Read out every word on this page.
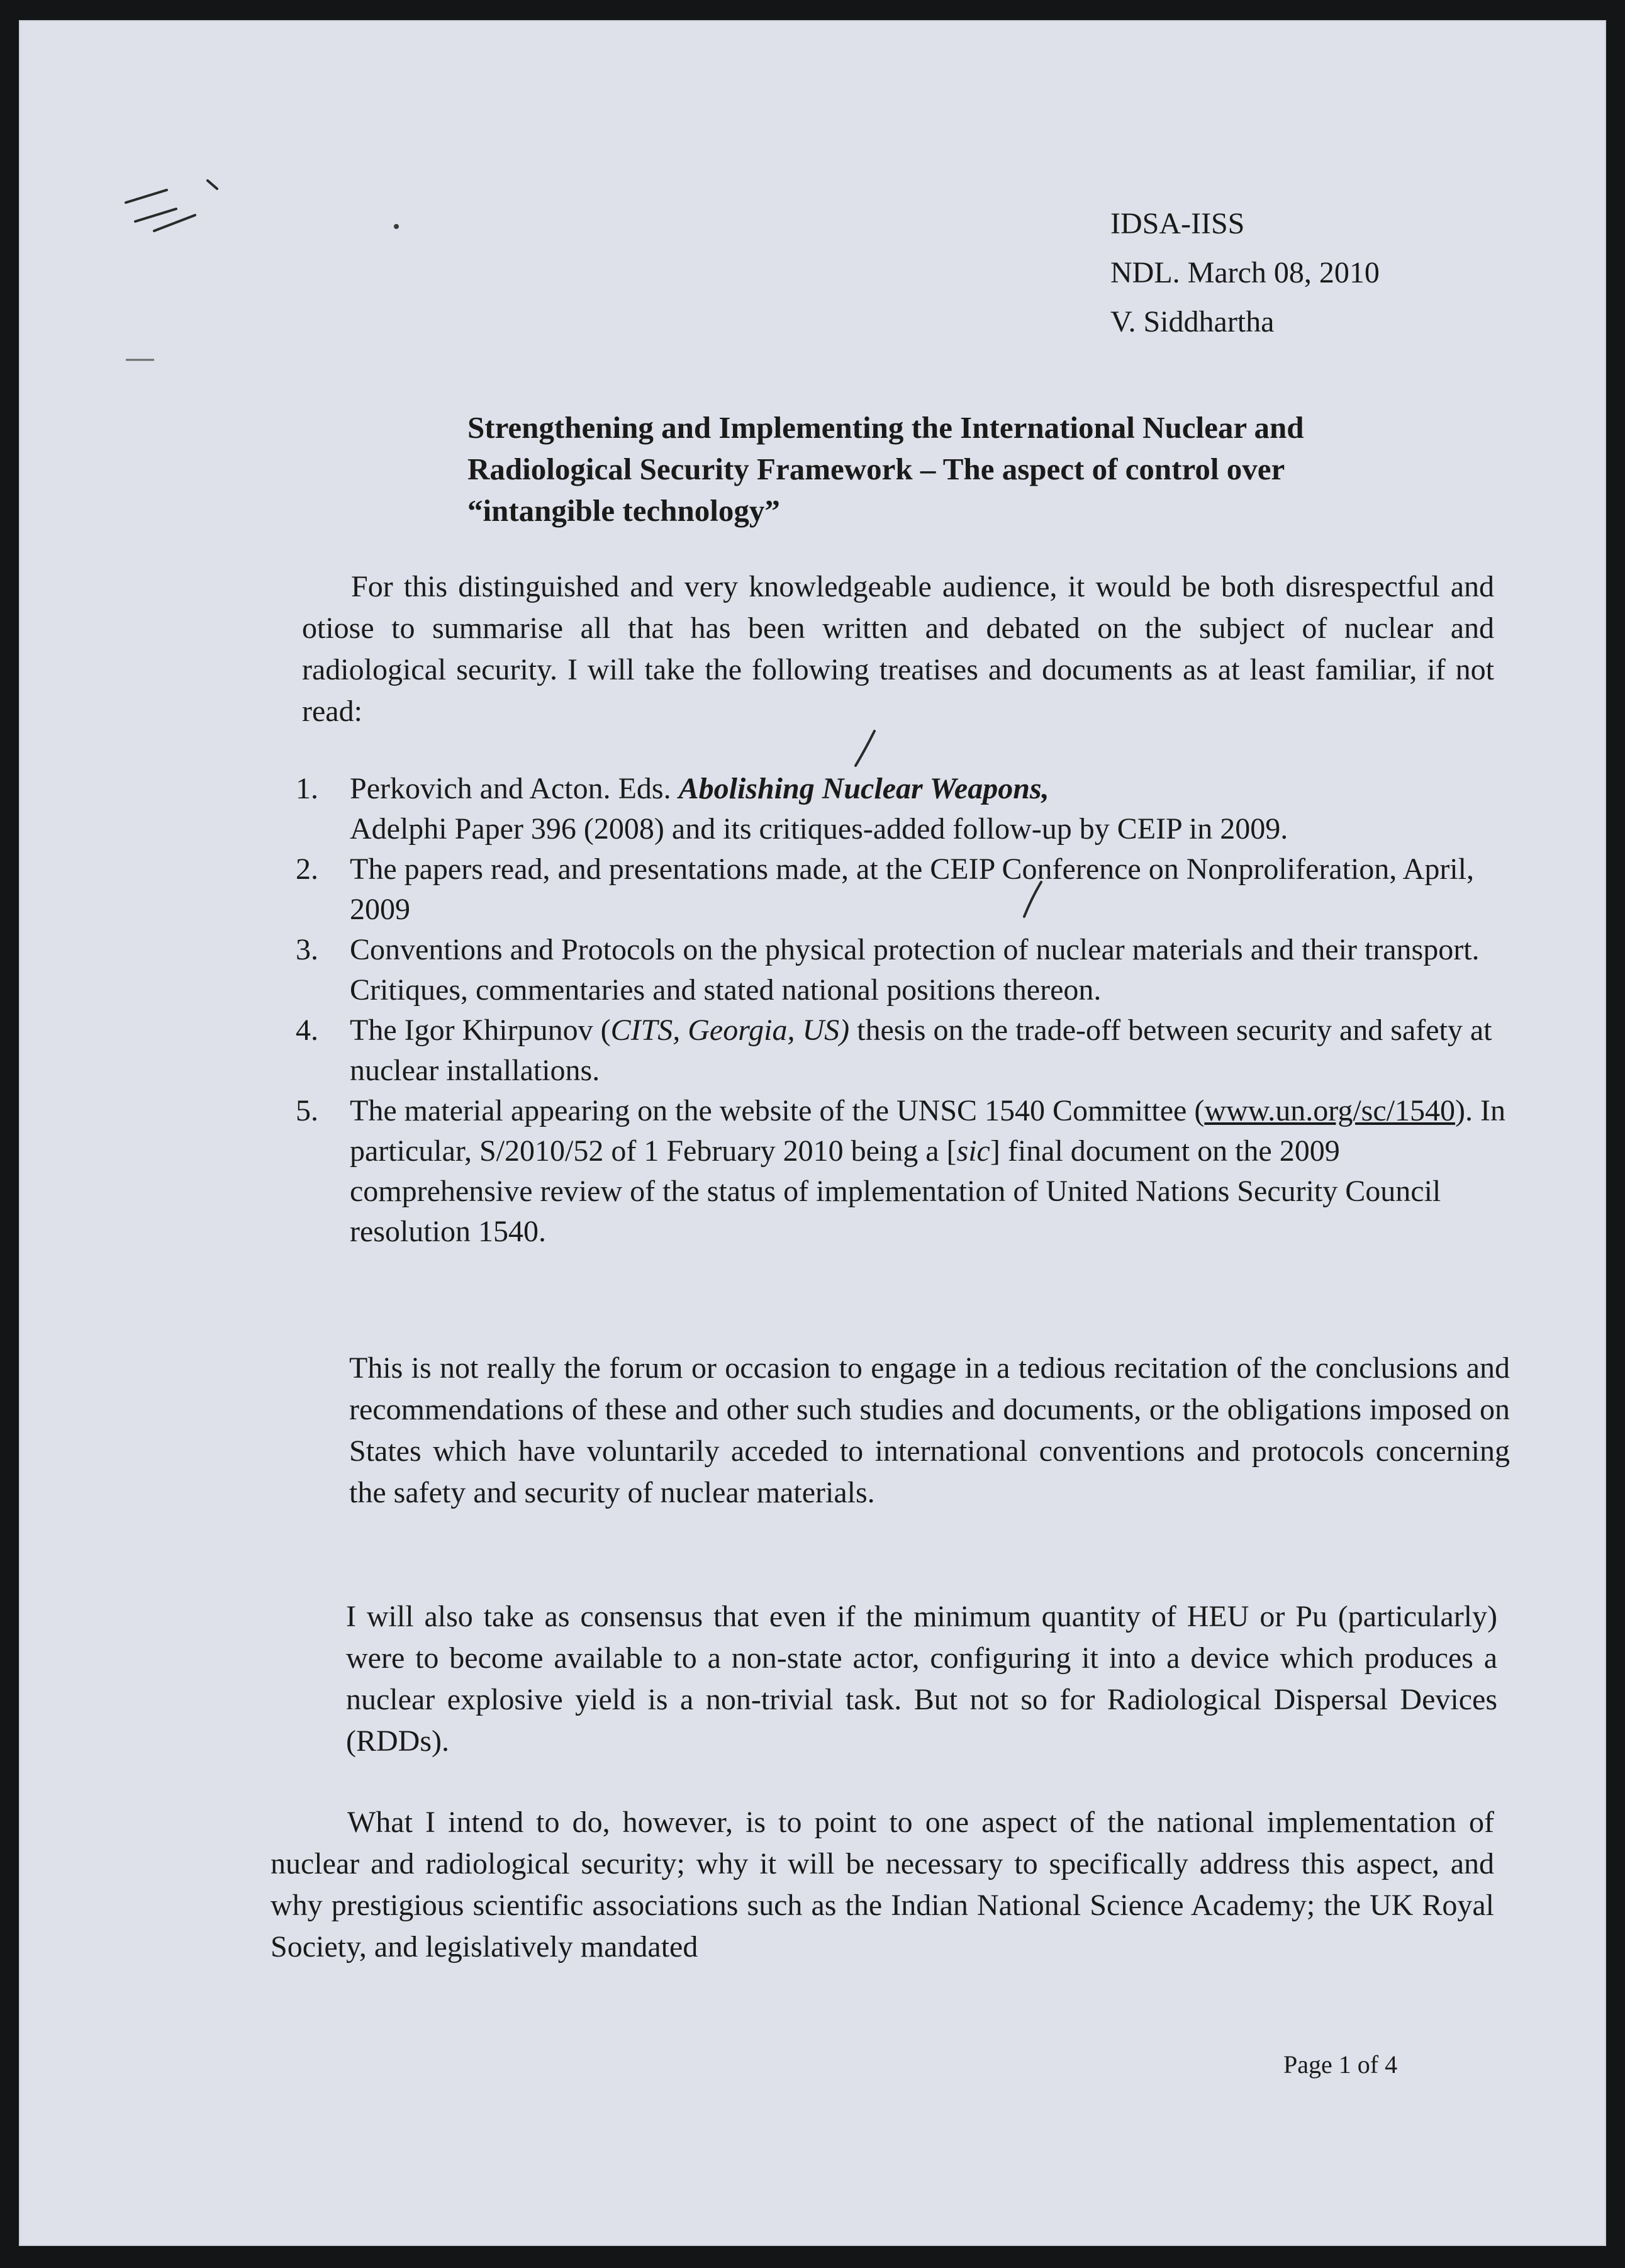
IDSA-IISS
NDL. March 08, 2010
V. Siddhartha
Strengthening and Implementing the International Nuclear and
Radiological Security Framework – The aspect of control over
“intangible technology”

For this distinguished and very knowledgeable audience, it would be both disrespectful and otiose to summarise all that has been written and debated on the subject of nuclear and radiological security. I will take the following treatises and documents as at least familiar, if not read:

1. Perkovich and Acton. Eds. Abolishing Nuclear Weapons,
Adelphi Paper 396 (2008) and its critiques-added follow-up by CEIP in 2009.
2. The papers read, and presentations made, at the CEIP Conference on Nonproliferation, April, 2009
3. Conventions and Protocols on the physical protection of nuclear materials and their transport. Critiques, commentaries and stated national positions thereon.
4. The Igor Khirpunov (CITS, Georgia, US) thesis on the trade-off between security and safety at nuclear installations.
5. The material appearing on the website of the UNSC 1540 Committee (www.un.org/sc/1540). In particular, S/2010/52 of 1 February 2010 being a [sic] final document on the 2009 comprehensive review of the status of implementation of United Nations Security Council resolution 1540.

This is not really the forum or occasion to engage in a tedious recitation of the conclusions and recommendations of these and other such studies and documents, or the obligations imposed on States which have voluntarily acceded to international conventions and protocols concerning the safety and security of nuclear materials.

I will also take as consensus that even if the minimum quantity of HEU or Pu (particularly) were to become available to a non-state actor, configuring it into a device which produces a nuclear explosive yield is a non-trivial task. But not so for Radiological Dispersal Devices (RDDs).

What I intend to do, however, is to point to one aspect of the national implementation of nuclear and radiological security; why it will be necessary to specifically address this aspect, and why prestigious scientific associations such as the Indian National Science Academy; the UK Royal Society, and legislatively mandated

Page 1 of 4
